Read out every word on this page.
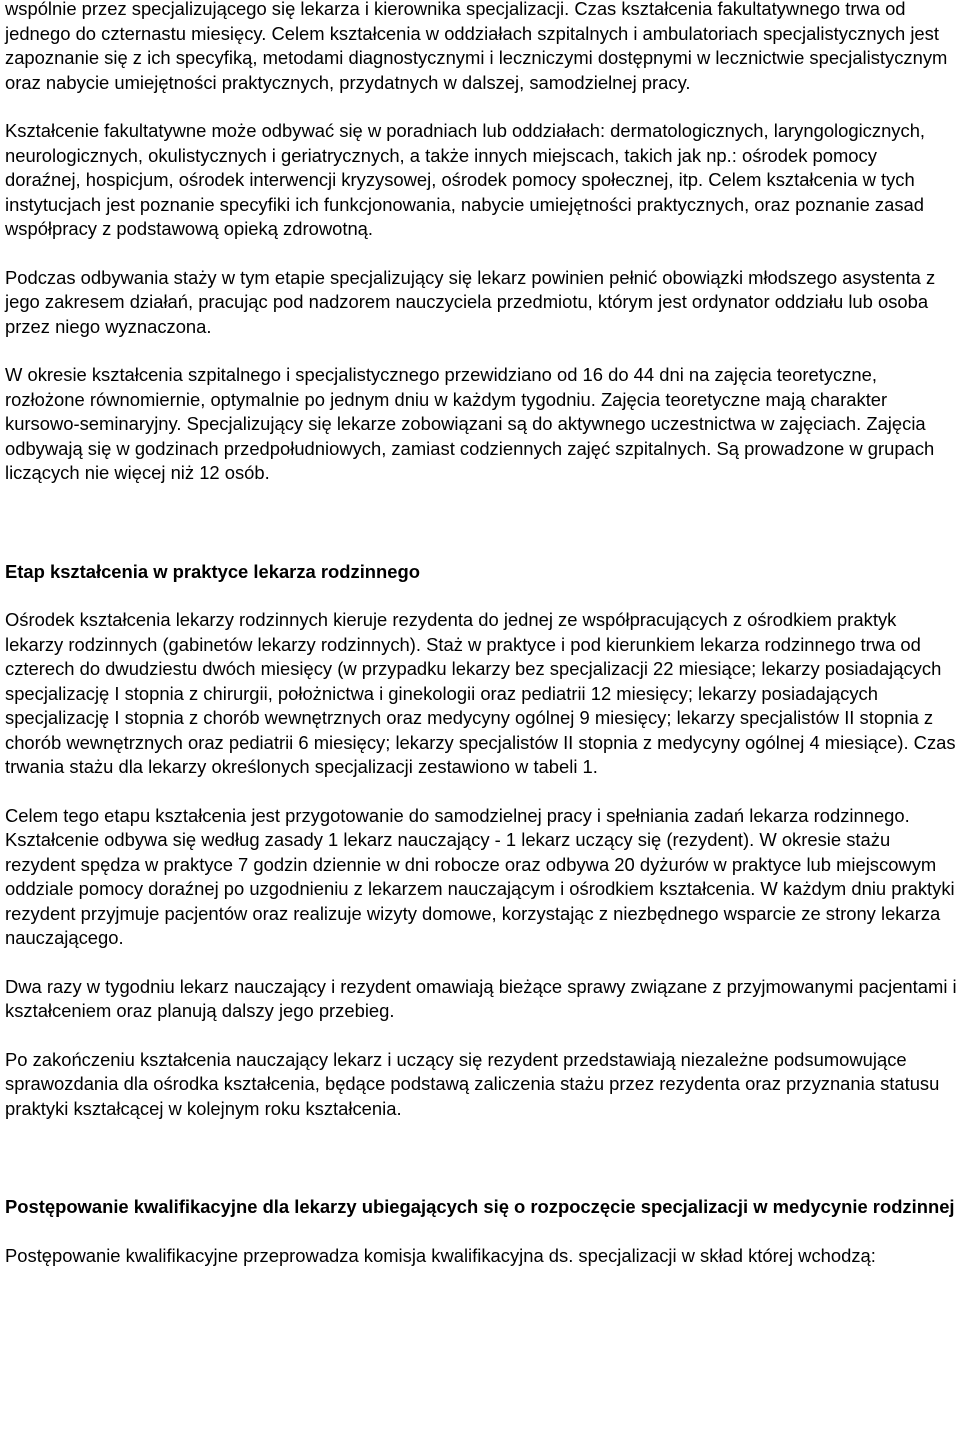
wspólnie przez specjalizującego się lekarza i kierownika specjalizacji. Czas kształcenia fakultatywnego trwa od jednego do czternastu miesięcy. Celem kształcenia w oddziałach szpitalnych i ambulatoriach specjalistycznych jest zapoznanie się z ich specyfiką, metodami diagnostycznymi i leczniczymi dostępnymi w lecznictwie specjalistycznym oraz nabycie umiejętności praktycznych, przydatnych w dalszej, samodzielnej pracy.

Kształcenie fakultatywne może odbywać się w poradniach lub oddziałach: dermatologicznych, laryngologicznych, neurologicznych, okulistycznych i geriatrycznych, a także innych miejscach, takich jak np.: ośrodek pomocy doraźnej, hospicjum, ośrodek interwencji kryzysowej, ośrodek pomocy społecznej, itp. Celem kształcenia w tych instytucjach jest poznanie specyfiki ich funkcjonowania, nabycie umiejętności praktycznych, oraz poznanie zasad współpracy z podstawową opieką zdrowotną.

Podczas odbywania staży w tym etapie specjalizujący się lekarz powinien pełnić obowiązki młodszego asystenta z jego zakresem działań, pracując pod nadzorem nauczyciela przedmiotu, którym jest ordynator oddziału lub osoba przez niego wyznaczona.

W okresie kształcenia szpitalnego i specjalistycznego przewidziano od 16 do 44 dni na zajęcia teoretyczne, rozłożone równomiernie, optymalnie po jednym dniu w każdym tygodniu. Zajęcia teoretyczne mają charakter kursowo-seminaryjny. Specjalizujący się lekarze zobowiązani są do aktywnego uczestnictwa w zajęciach. Zajęcia odbywają się w godzinach przedpołudniowych, zamiast codziennych zajęć szpitalnych. Są prowadzone w grupach liczących nie więcej niż 12 osób.

Etap kształcenia w praktyce lekarza rodzinnego

Ośrodek kształcenia lekarzy rodzinnych kieruje rezydenta do jednej ze współpracujących z ośrodkiem praktyk lekarzy rodzinnych (gabinetów lekarzy rodzinnych). Staż w praktyce i pod kierunkiem lekarza rodzinnego trwa od czterech do dwudziestu dwóch miesięcy (w przypadku lekarzy bez specjalizacji 22 miesiące; lekarzy posiadających specjalizację I stopnia z chirurgii, położnictwa i ginekologii oraz pediatrii 12 miesięcy; lekarzy posiadających specjalizację I stopnia z chorób wewnętrznych oraz medycyny ogólnej 9 miesięcy; lekarzy specjalistów II stopnia z chorób wewnętrznych oraz pediatrii 6 miesięcy; lekarzy specjalistów II stopnia z medycyny ogólnej 4 miesiące). Czas trwania stażu dla lekarzy określonych specjalizacji zestawiono w tabeli 1.

Celem tego etapu kształcenia jest przygotowanie do samodzielnej pracy i spełniania zadań lekarza rodzinnego. Kształcenie odbywa się według zasady 1 lekarz nauczający - 1 lekarz uczący się (rezydent). W okresie stażu rezydent spędza w praktyce 7 godzin dziennie w dni robocze oraz odbywa 20 dyżurów w praktyce lub miejscowym oddziale pomocy doraźnej po uzgodnieniu z lekarzem nauczającym i ośrodkiem kształcenia. W każdym dniu praktyki rezydent przyjmuje pacjentów oraz realizuje wizyty domowe, korzystając z niezbędnego wsparcie ze strony lekarza nauczającego.

Dwa razy w tygodniu lekarz nauczający i rezydent omawiają bieżące sprawy związane z przyjmowanymi pacjentami i kształceniem oraz planują dalszy jego przebieg.

Po zakończeniu kształcenia nauczający lekarz i uczący się rezydent przedstawiają niezależne podsumowujące sprawozdania dla ośrodka kształcenia, będące podstawą zaliczenia stażu przez rezydenta oraz przyznania statusu praktyki kształcącej w kolejnym roku kształcenia.

Postępowanie kwalifikacyjne dla lekarzy ubiegających się o rozpoczęcie specjalizacji w medycynie rodzinnej

Postępowanie kwalifikacyjne przeprowadza komisja kwalifikacyjna ds. specjalizacji w skład której wchodzą:
